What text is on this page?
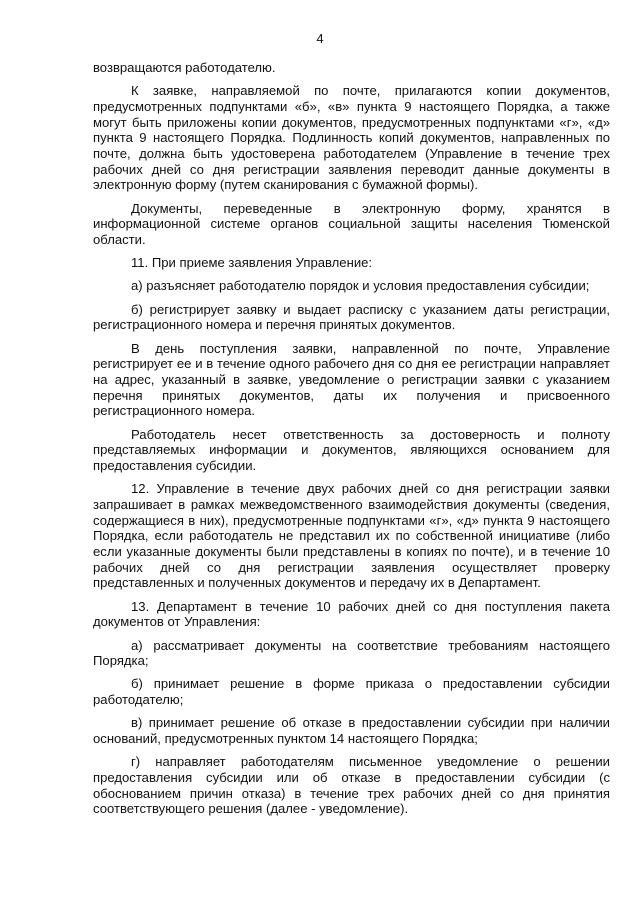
4

возвращаются работодателю.

К заявке, направляемой по почте, прилагаются копии документов, предусмотренных подпунктами «б», «в» пункта 9 настоящего Порядка, а также могут быть приложены копии документов, предусмотренных подпунктами «г», «д» пункта 9 настоящего Порядка. Подлинность копий документов, направленных по почте, должна быть удостоверена работодателем (Управление в течение трех рабочих дней со дня регистрации заявления переводит данные документы в электронную форму (путем сканирования с бумажной формы).

Документы, переведенные в электронную форму, хранятся в информационной системе органов социальной защиты населения Тюменской области.

11. При приеме заявления Управление:

а) разъясняет работодателю порядок и условия предоставления субсидии;

б) регистрирует заявку и выдает расписку с указанием даты регистрации, регистрационного номера и перечня принятых документов.

В день поступления заявки, направленной по почте, Управление регистрирует ее и в течение одного рабочего дня со дня ее регистрации направляет на адрес, указанный в заявке, уведомление о регистрации заявки с указанием перечня принятых документов, даты их получения и присвоенного регистрационного номера.

Работодатель несет ответственность за достоверность и полноту представляемых информации и документов, являющихся основанием для предоставления субсидии.

12. Управление в течение двух рабочих дней со дня регистрации заявки запрашивает в рамках межведомственного взаимодействия документы (сведения, содержащиеся в них), предусмотренные подпунктами «г», «д» пункта 9 настоящего Порядка, если работодатель не представил их по собственной инициативе (либо если указанные документы были представлены в копиях по почте), и в течение 10 рабочих дней со дня регистрации заявления осуществляет проверку представленных и полученных документов и передачу их в Департамент.

13. Департамент в течение 10 рабочих дней со дня поступления пакета документов от Управления:

а) рассматривает документы на соответствие требованиям настоящего Порядка;

б) принимает решение в форме приказа о предоставлении субсидии работодателю;

в) принимает решение об отказе в предоставлении субсидии при наличии оснований, предусмотренных пунктом 14 настоящего Порядка;

г) направляет работодателям письменное уведомление о решении предоставления субсидии или об отказе в предоставлении субсидии (с обоснованием причин отказа) в течение трех рабочих дней со дня принятия соответствующего решения (далее - уведомление).
